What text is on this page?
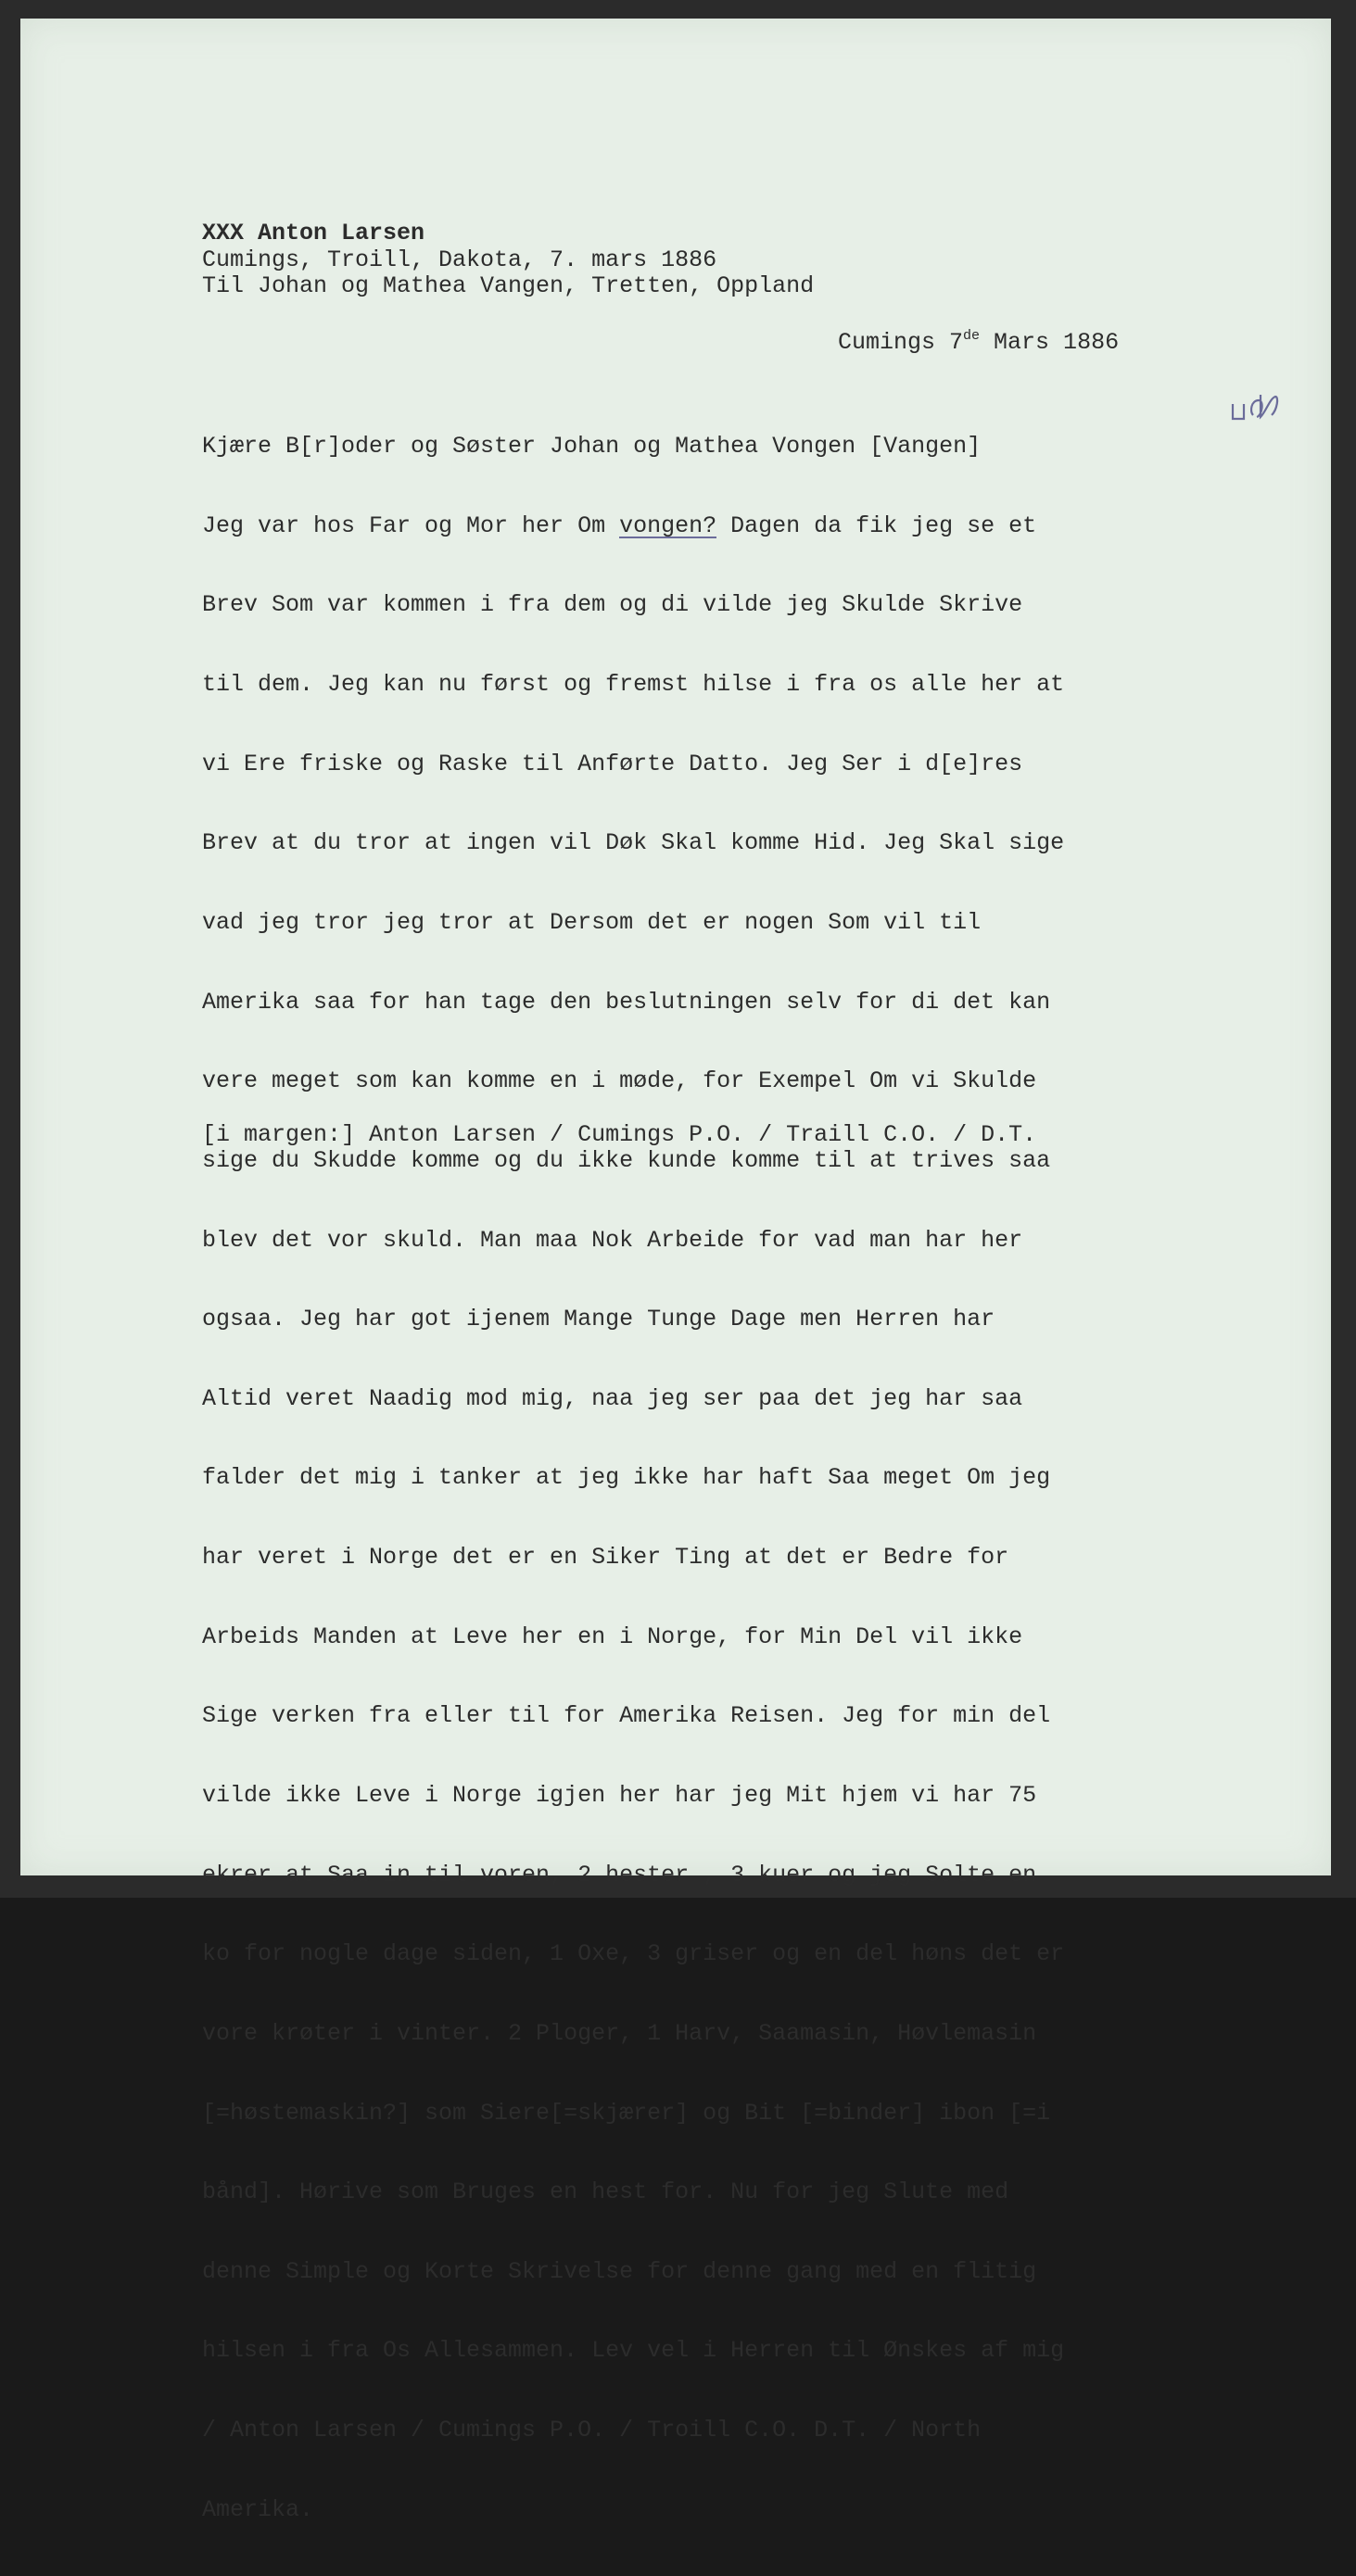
XXX Anton Larsen
Cumings, Troill, Dakota, 7. mars 1886
Til Johan og Mathea Vangen, Tretten, Oppland
Cumings 7de Mars 1886

Kjære B[r]oder og Søster Johan og Mathea Vongen [Vangen]

Jeg var hos Far og Mor her Om vongen? Dagen da fik jeg se et

Brev Som var kommen i fra dem og di vilde jeg Skulde Skrive

til dem. Jeg kan nu først og fremst hilse i fra os alle her at

vi Ere friske og Raske til Anførte Datto. Jeg Ser i d[e]res

Brev at du tror at ingen vil Døk Skal komme Hid. Jeg Skal sige

vad jeg tror jeg tror at Dersom det er nogen Som vil til

Amerika saa for han tage den beslutningen selv for di det kan

vere meget som kan komme en i møde, for Exempel Om vi Skulde

sige du Skudde komme og du ikke kunde komme til at trives saa

blev det vor skuld. Man maa Nok Arbeide for vad man har her

ogsaa. Jeg har got ijenem Mange Tunge Dage men Herren har

Altid veret Naadig mod mig, naa jeg ser paa det jeg har saa

falder det mig i tanker at jeg ikke har haft Saa meget Om jeg

har veret i Norge det er en Siker Ting at det er Bedre for

Arbeids Manden at Leve her en i Norge, for Min Del vil ikke

Sige verken fra eller til for Amerika Reisen. Jeg for min del

vilde ikke Leve i Norge igjen her har jeg Mit hjem vi har 75

ekrer at Saa in til voren, 2 hester , 3 kuer og jeg Solte en

ko for nogle dage siden, 1 Oxe, 3 griser og en del høns det er

vore krøter i vinter. 2 Ploger, 1 Harv, Saamasin, Høvlemasin

[=høstemaskin?] som Siere[=skjærer] og Bit [=binder] ibon [=i

bånd]. Hørive som Bruges en hest for. Nu for jeg Slute med

denne Simple og Korte Skrivelse for denne gang med en flitig

hilsen i fra Os Allesammen. Lev vel i Herren til Ønskes af mig

/ Anton Larsen / Cumings P.O. / Troill C.O. D.T. / North

Amerika.

[i margen:] Anton Larsen / Cumings P.O. / Traill C.O. / D.T.
